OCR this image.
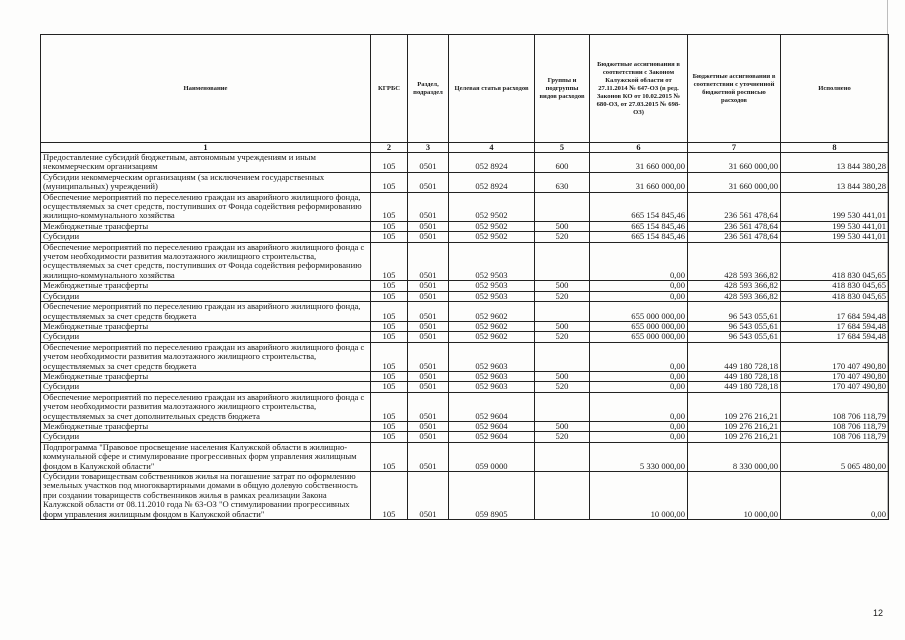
Наименование	КГРБС	Раздел, подраздел	Целевая статья расходов	Группы и подгруппы видов расходов	Бюджетные ассигнования в соответствии с Законом Калужской области от 27.11.2014 № 647-ОЗ (в ред. Законов КО от 10.02.2015 № 680-ОЗ, от 27.03.2015 № 698-ОЗ)	Бюджетные ассигнования в соответствии с уточненной бюджетной росписью расходов	Исполнено
1	2	3	4	5	6	7	8
Предоставление субсидий бюджетным, автономным учреждениям и иным некоммерческим организациям	105	0501	052 8924	600	31 660 000,00	31 660 000,00	13 844 380,28
Субсидии некоммерческим организациям (за исключением государственных (муниципальных) учреждений)	105	0501	052 8924	630	31 660 000,00	31 660 000,00	13 844 380,28
Обеспечение мероприятий по переселению граждан из аварийного жилищного фонда, осуществляемых за счет средств, поступивших от Фонда содействия реформированию жилищно-коммунального хозяйства	105	0501	052 9502		665 154 845,46	236 561 478,64	199 530 441,01
Межбюджетные трансферты	105	0501	052 9502	500	665 154 845,46	236 561 478,64	199 530 441,01
Субсидии	105	0501	052 9502	520	665 154 845,46	236 561 478,64	199 530 441,01
Обеспечение мероприятий по переселению граждан из аварийного жилищного фонда с учетом необходимости развития малоэтажного жилищного строительства, осуществляемых за счет средств, поступивших от Фонда содействия реформированию жилищно-коммунального хозяйства	105	0501	052 9503		0,00	428 593 366,82	418 830 045,65
Межбюджетные трансферты	105	0501	052 9503	500	0,00	428 593 366,82	418 830 045,65
Субсидии	105	0501	052 9503	520	0,00	428 593 366,82	418 830 045,65
Обеспечение мероприятий по переселению граждан из аварийного жилищного фонда, осуществляемых за счет средств бюджета	105	0501	052 9602		655 000 000,00	96 543 055,61	17 684 594,48
Межбюджетные трансферты	105	0501	052 9602	500	655 000 000,00	96 543 055,61	17 684 594,48
Субсидии	105	0501	052 9602	520	655 000 000,00	96 543 055,61	17 684 594,48
Обеспечение мероприятий по переселению граждан из аварийного жилищного фонда с учетом необходимости развития малоэтажного жилищного строительства, осуществляемых за счет средств бюджета	105	0501	052 9603		0,00	449 180 728,18	170 407 490,80
Межбюджетные трансферты	105	0501	052 9603	500	0,00	449 180 728,18	170 407 490,80
Субсидии	105	0501	052 9603	520	0,00	449 180 728,18	170 407 490,80
Обеспечение мероприятий по переселению граждан из аварийного жилищного фонда с учетом необходимости развития малоэтажного жилищного строительства, осуществляемых за счет дополнительных средств бюджета	105	0501	052 9604		0,00	109 276 216,21	108 706 118,79
Межбюджетные трансферты	105	0501	052 9604	500	0,00	109 276 216,21	108 706 118,79
Субсидии	105	0501	052 9604	520	0,00	109 276 216,21	108 706 118,79
Подпрограмма "Правовое просвещение населения Калужской области в жилищно-коммунальной сфере и стимулирование прогрессивных форм управления жилищным фондом в Калужской области"	105	0501	059 0000		5 330 000,00	8 330 000,00	5 065 480,00
Субсидии товариществам собственников жилья на погашение затрат по оформлению земельных участков под многоквартирными домами в общую долевую собственность при создании товариществ собственников жилья в рамках реализации Закона Калужской области от 08.11.2010 года № 63-ОЗ "О стимулировании прогрессивных форм управления жилищным фондом в Калужской области"	105	0501	059 8905		10 000,00	10 000,00	0,00
12
